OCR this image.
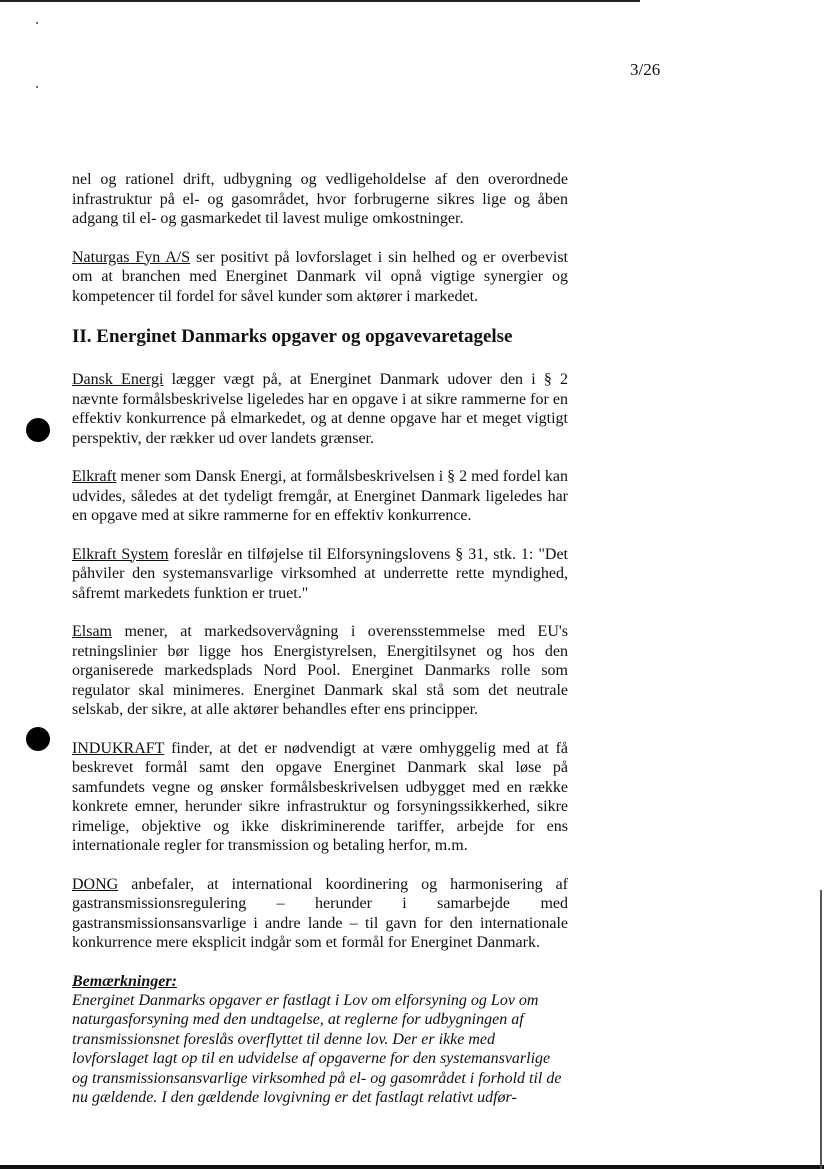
3/26

nel og rationel drift, udbygning og vedligeholdelse af den overordnede infrastruktur på el- og gasområdet, hvor forbrugerne sikres lige og åben adgang til el- og gasmarkedet til lavest mulige omkostninger.

Naturgas Fyn A/S ser positivt på lovforslaget i sin helhed og er overbevist om at branchen med Energinet Danmark vil opnå vigtige synergier og kompetencer til fordel for såvel kunder som aktører i markedet.

II. Energinet Danmarks opgaver og opgavevaretagelse

Dansk Energi lægger vægt på, at Energinet Danmark udover den i § 2 nævnte formålsbeskrivelse ligeledes har en opgave i at sikre rammerne for en effektiv konkurrence på elmarkedet, og at denne opgave har et meget vigtigt perspektiv, der rækker ud over landets grænser.

Elkraft mener som Dansk Energi, at formålsbeskrivelsen i § 2 med fordel kan udvides, således at det tydeligt fremgår, at Energinet Danmark ligeledes har en opgave med at sikre rammerne for en effektiv konkurrence.

Elkraft System foreslår en tilføjelse til Elforsyningslovens § 31, stk. 1: "Det påhviler den systemansvarlige virksomhed at underrette rette myndighed, såfremt markedets funktion er truet."

Elsam mener, at markedsovervågning i overensstemmelse med EU's retningslinier bør ligge hos Energistyrelsen, Energitilsynet og hos den organiserede markedsplads Nord Pool. Energinet Danmarks rolle som regulator skal minimeres. Energinet Danmark skal stå som det neutrale selskab, der sikre, at alle aktører behandles efter ens principper.

INDUKRAFT finder, at det er nødvendigt at være omhyggelig med at få beskrevet formål samt den opgave Energinet Danmark skal løse på samfundets vegne og ønsker formålsbeskrivelsen udbygget med en række konkrete emner, herunder sikre infrastruktur og forsyningssikkerhed, sikre rimelige, objektive og ikke diskriminerende tariffer, arbejde for ens internationale regler for transmission og betaling herfor, m.m.

DONG anbefaler, at international koordinering og harmonisering af gastransmissionsregulering – herunder i samarbejde med gastransmissionsansvarlige i andre lande – til gavn for den internationale konkurrence mere eksplicit indgår som et formål for Energinet Danmark.

Bemærkninger:

Energinet Danmarks opgaver er fastlagt i Lov om elforsyning og Lov om naturgasforsyning med den undtagelse, at reglerne for udbygningen af transmissionsnet foreslås overflyttet til denne lov. Der er ikke med lovforslaget lagt op til en udvidelse af opgaverne for den systemansvarlige og transmissionsansvarlige virksomhed på el- og gasområdet i forhold til de nu gældende. I den gældende lovgivning er det fastlagt relativt udfør-
